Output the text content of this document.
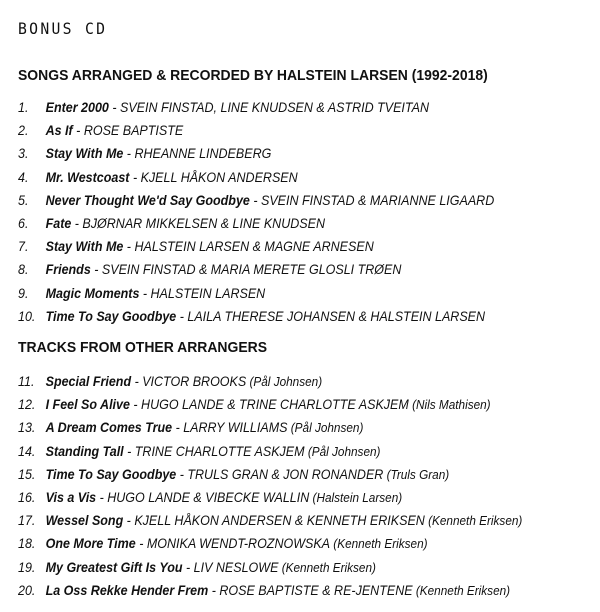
BONUS CD
SONGS ARRANGED & RECORDED BY HALSTEIN LARSEN (1992-2018)
1. Enter 2000 - SVEIN FINSTAD, LINE KNUDSEN & ASTRID TVEITAN
2. As If - ROSE BAPTISTE
3. Stay With Me - RHEANNE LINDEBERG
4. Mr. Westcoast - KJELL HÅKON ANDERSEN
5. Never Thought We'd Say Goodbye - SVEIN FINSTAD & MARIANNE LIGAARD
6. Fate - BJØRNAR MIKKELSEN & LINE KNUDSEN
7. Stay With Me - HALSTEIN LARSEN & MAGNE ARNESEN
8. Friends - SVEIN FINSTAD & MARIA MERETE GLOSLI TRØEN
9. Magic Moments - HALSTEIN LARSEN
10. Time To Say Goodbye - LAILA THERESE JOHANSEN & HALSTEIN LARSEN
TRACKS FROM OTHER ARRANGERS
11. Special Friend - VICTOR BROOKS (Pål Johnsen)
12. I Feel So Alive - HUGO LANDE & TRINE CHARLOTTE ASKJEM (Nils Mathisen)
13. A Dream Comes True - LARRY WILLIAMS (Pål Johnsen)
14. Standing Tall - TRINE CHARLOTTE ASKJEM (Pål Johnsen)
15. Time To Say Goodbye - TRULS GRAN & JON RONANDER (Truls Gran)
16. Vis a Vis - HUGO LANDE & VIBECKE WALLIN (Halstein Larsen)
17. Wessel Song - KJELL HÅKON ANDERSEN & KENNETH ERIKSEN (Kenneth Eriksen)
18. One More Time - MONIKA WENDT-ROZNOWSKA (Kenneth Eriksen)
19. My Greatest Gift Is You - LIV NESLOWE (Kenneth Eriksen)
20. La Oss Rekke Hender Frem - ROSE BAPTISTE & RE-JENTENE (Kenneth Eriksen)
